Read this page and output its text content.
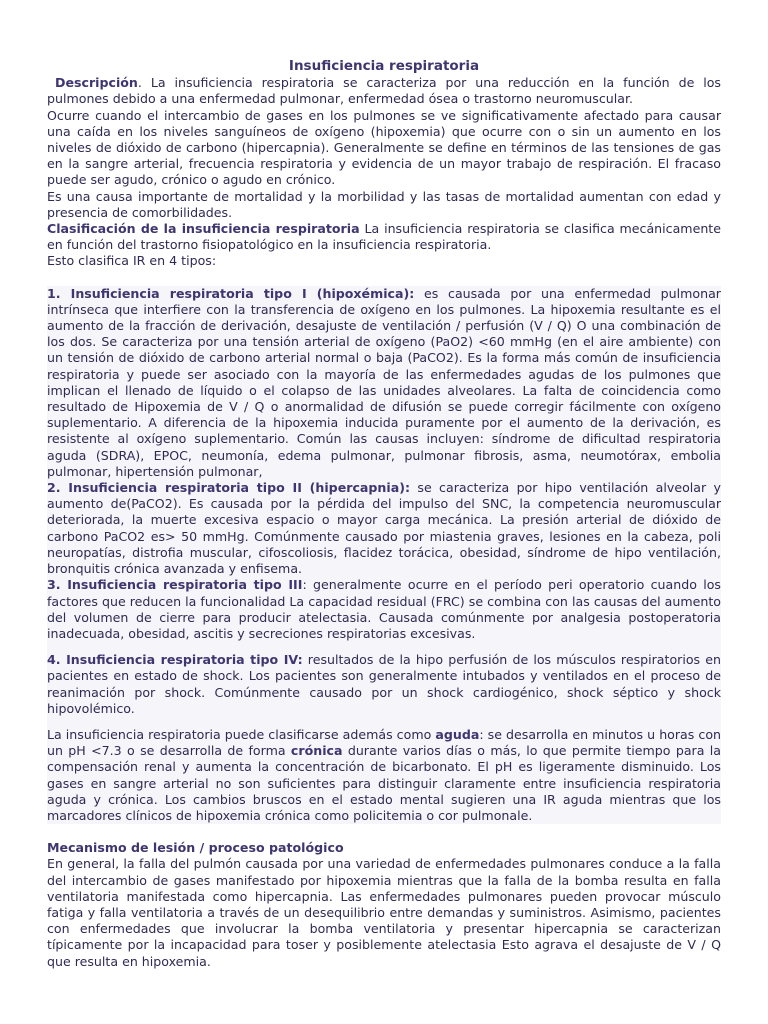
Insuficiencia respiratoria

Descripción. La insuficiencia respiratoria se caracteriza por una reducción en la función de los pulmones debido a una enfermedad pulmonar, enfermedad ósea o trastorno neuromuscular.

Ocurre cuando el intercambio de gases en los pulmones se ve significativamente afectado para causar una caída en los niveles sanguíneos de oxígeno (hipoxemia) que ocurre con o sin un aumento en los niveles de dióxido de carbono (hipercapnia). Generalmente se define en términos de las tensiones de gas en la sangre arterial, frecuencia respiratoria y evidencia de un mayor trabajo de respiración. El fracaso puede ser agudo, crónico o agudo en crónico.

Es una causa importante de mortalidad y la morbilidad y las tasas de mortalidad aumentan con edad y presencia de comorbilidades.

Clasificación de la insuficiencia respiratoria La insuficiencia respiratoria se clasifica mecánicamente en función del trastorno fisiopatológico en la insuficiencia respiratoria.

Esto clasifica IR en 4 tipos:

1. Insuficiencia respiratoria tipo I (hipoxémica): es causada por una enfermedad pulmonar intrínseca que interfiere con la transferencia de oxígeno en los pulmones. La hipoxemia resultante es el aumento de la fracción de derivación, desajuste de ventilación / perfusión (V / Q) O una combinación de los dos. Se caracteriza por una tensión arterial de oxígeno (PaO2) <60 mmHg (en el aire ambiente) con un tensión de dióxido de carbono arterial normal o baja (PaCO2). Es la forma más común de insuficiencia respiratoria y puede ser asociado con la mayoría de las enfermedades agudas de los pulmones que implican el llenado de líquido o el colapso de las unidades alveolares. La falta de coincidencia como resultado de Hipoxemia de V / Q o anormalidad de difusión se puede corregir fácilmente con oxígeno suplementario. A diferencia de la hipoxemia inducida puramente por el aumento de la derivación, es resistente al oxígeno suplementario. Común las causas incluyen: síndrome de dificultad respiratoria aguda (SDRA), EPOC, neumonía, edema pulmonar, pulmonar fibrosis, asma, neumotórax, embolia pulmonar, hipertensión pulmonar,

2. Insuficiencia respiratoria tipo II (hipercapnia): se caracteriza por hipo ventilación alveolar y aumento de(PaCO2). Es causada por la pérdida del impulso del SNC, la competencia neuromuscular deteriorada, la muerte excesiva espacio o mayor carga mecánica. La presión arterial de dióxido de carbono PaCO2 es> 50 mmHg. Comúnmente causado por miastenia graves, lesiones en la cabeza, poli neuropatías, distrofia muscular, cifoscoliosis, flacidez torácica, obesidad, síndrome de hipo ventilación, bronquitis crónica avanzada y enfisema.

3. Insuficiencia respiratoria tipo III: generalmente ocurre en el período peri operatorio cuando los factores que reducen la funcionalidad La capacidad residual (FRC) se combina con las causas del aumento del volumen de cierre para producir atelectasia. Causada comúnmente por analgesia postoperatoria inadecuada, obesidad, ascitis y secreciones respiratorias excesivas.

4. Insuficiencia respiratoria tipo IV: resultados de la hipo perfusión de los músculos respiratorios en pacientes en estado de shock. Los pacientes son generalmente intubados y ventilados en el proceso de reanimación por shock. Comúnmente causado por un shock cardiogénico, shock séptico y shock hipovolémico.

La insuficiencia respiratoria puede clasificarse además como aguda: se desarrolla en minutos u horas con un pH <7.3 o se desarrolla de forma crónica durante varios días o más, lo que permite tiempo para la compensación renal y aumenta la concentración de bicarbonato. El pH es ligeramente disminuido. Los gases en sangre arterial no son suficientes para distinguir claramente entre insuficiencia respiratoria aguda y crónica. Los cambios bruscos en el estado mental sugieren una IR aguda mientras que los marcadores clínicos de hipoxemia crónica como policitemia o cor pulmonale.

Mecanismo de lesión / proceso patológico

En general, la falla del pulmón causada por una variedad de enfermedades pulmonares conduce a la falla del intercambio de gases manifestado por hipoxemia mientras que la falla de la bomba resulta en falla ventilatoria manifestada como hipercapnia. Las enfermedades pulmonares pueden provocar músculo fatiga y falla ventilatoria a través de un desequilibrio entre demandas y suministros. Asimismo, pacientes con enfermedades que involucrar la bomba ventilatoria y presentar hipercapnia se caracterizan típicamente por la incapacidad para toser y posiblemente atelectasia Esto agrava el desajuste de V / Q que resulta en hipoxemia.
